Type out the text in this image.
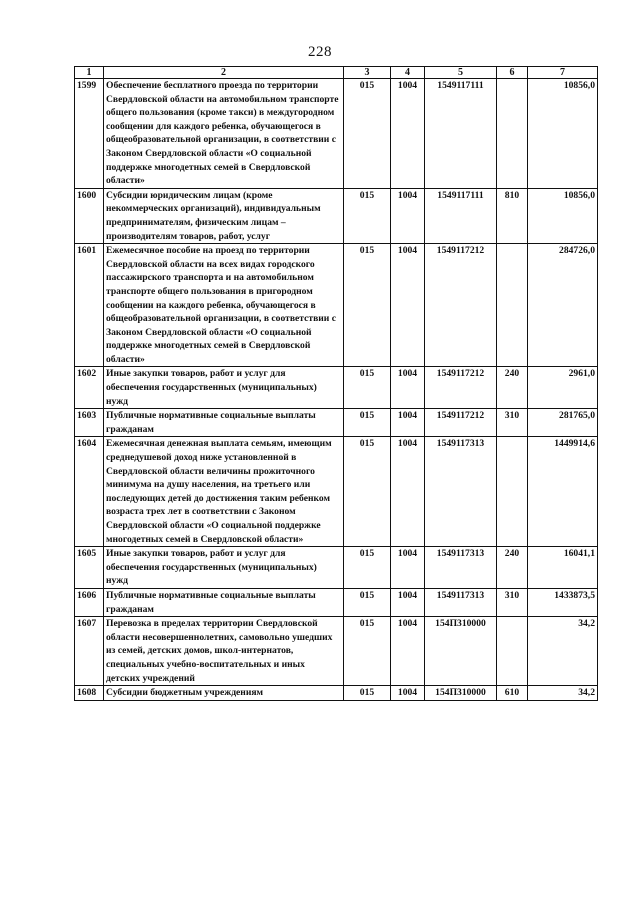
228
1	2	3	4	5	6	7
1599	Обеспечение бесплатного проезда по территории Свердловской области на автомобильном транспорте общего пользования (кроме такси) в междугородном сообщении для каждого ребенка, обучающегося в общеобразовательной организации, в соответствии с Законом Свердловской области «О социальной поддержке многодетных семей в Свердловской области»	015	1004	1549117111		10856,0
1600	Субсидии юридическим лицам (кроме некоммерческих организаций), индивидуальным предпринимателям, физическим лицам – производителям товаров, работ, услуг	015	1004	1549117111	810	10856,0
1601	Ежемесячное пособие на проезд по территории Свердловской области на всех видах городского пассажирского транспорта и на автомобильном транспорте общего пользования в пригородном сообщении на каждого ребенка, обучающегося в общеобразовательной организации, в соответствии с Законом Свердловской области «О социальной поддержке многодетных семей в Свердловской области»	015	1004	1549117212		284726,0
1602	Иные закупки товаров, работ и услуг для обеспечения государственных (муниципальных) нужд	015	1004	1549117212	240	2961,0
1603	Публичные нормативные социальные выплаты гражданам	015	1004	1549117212	310	281765,0
1604	Ежемесячная денежная выплата семьям, имеющим среднедушевой доход ниже установленной в Свердловской области величины прожиточного минимума на душу населения, на третьего или последующих детей до достижения таким ребенком возраста трех лет в соответствии с Законом Свердловской области «О социальной поддержке многодетных семей в Свердловской области»	015	1004	1549117313		1449914,6
1605	Иные закупки товаров, работ и услуг для обеспечения государственных (муниципальных) нужд	015	1004	1549117313	240	16041,1
1606	Публичные нормативные социальные выплаты гражданам	015	1004	1549117313	310	1433873,5
1607	Перевозка в пределах территории Свердловской области несовершеннолетних, самовольно ушедших из семей, детских домов, школ-интернатов, специальных учебно-воспитательных и иных детских учреждений	015	1004	154П310000		34,2
1608	Субсидии бюджетным учреждениям	015	1004	154П310000	610	34,2
